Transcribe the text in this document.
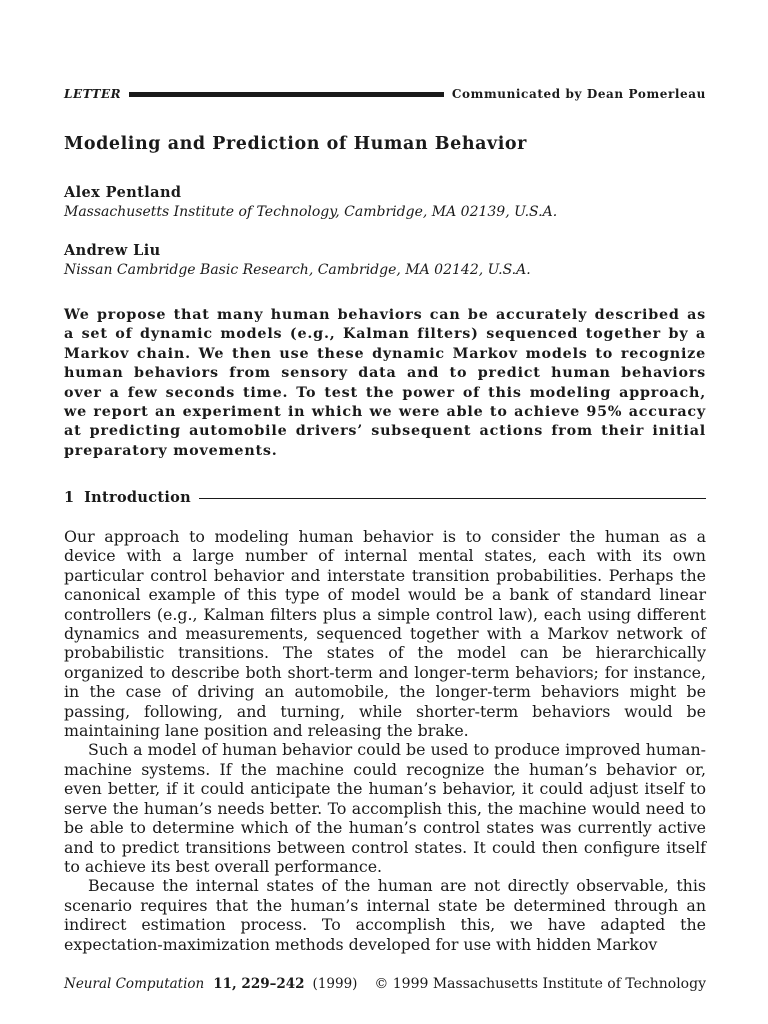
LETTER	Communicated by Dean Pomerleau
Modeling and Prediction of Human Behavior
Alex Pentland
Massachusetts Institute of Technology, Cambridge, MA 02139, U.S.A.
Andrew Liu
Nissan Cambridge Basic Research, Cambridge, MA 02142, U.S.A.
We propose that many human behaviors can be accurately described as a set of dynamic models (e.g., Kalman filters) sequenced together by a Markov chain. We then use these dynamic Markov models to recognize human behaviors from sensory data and to predict human behaviors over a few seconds time. To test the power of this modeling approach, we report an experiment in which we were able to achieve 95% accuracy at predicting automobile drivers’ subsequent actions from their initial preparatory movements.
1 Introduction

Our approach to modeling human behavior is to consider the human as a device with a large number of internal mental states, each with its own particular control behavior and interstate transition probabilities. Perhaps the canonical example of this type of model would be a bank of standard linear controllers (e.g., Kalman filters plus a simple control law), each using different dynamics and measurements, sequenced together with a Markov network of probabilistic transitions. The states of the model can be hierarchically organized to describe both short-term and longer-term behaviors; for instance, in the case of driving an automobile, the longer-term behaviors might be passing, following, and turning, while shorter-term behaviors would be maintaining lane position and releasing the brake.

Such a model of human behavior could be used to produce improved human-machine systems. If the machine could recognize the human’s behavior or, even better, if it could anticipate the human’s behavior, it could adjust itself to serve the human’s needs better. To accomplish this, the machine would need to be able to determine which of the human’s control states was currently active and to predict transitions between control states. It could then configure itself to achieve its best overall performance.

Because the internal states of the human are not directly observable, this scenario requires that the human’s internal state be determined through an indirect estimation process. To accomplish this, we have adapted the expectation-maximization methods developed for use with hidden Markov

Neural Computation 11, 229–242 (1999) © 1999 Massachusetts Institute of Technology
